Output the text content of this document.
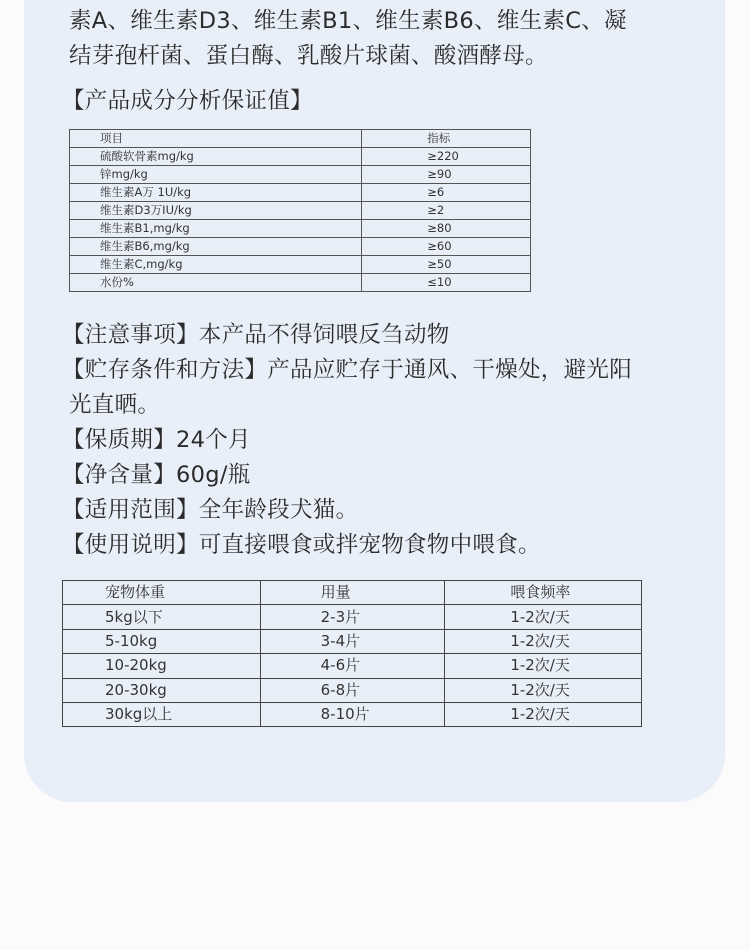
素A、维生素D3、维生素B1、维生素B6、维生素C、凝

结芽孢杆菌、蛋白酶、乳酸片球菌、酸酒酵母。

【产品成分分析保证值】

项目	指标
硫酸软骨素mg/kg	≥220
锌mg/kg	≥90
维生素A万 1U/kg	≥6
维生素D3万IU/kg	≥2
维生素B1,mg/kg	≥80
维生素B6,mg/kg	≥60
维生素C,mg/kg	≥50
水份%	≤10

【注意事项】本产品不得饲喂反刍动物

【贮存条件和方法】产品应贮存于通风、干燥处，避光阳

光直晒。

【保质期】24个月

【净含量】60g/瓶

【适用范围】全年龄段犬猫。

【使用说明】可直接喂食或拌宠物食物中喂食。

宠物体重	用量	喂食频率
5kg以下	2-3片	1-2次/天
5-10kg	3-4片	1-2次/天
10-20kg	4-6片	1-2次/天
20-30kg	6-8片	1-2次/天
30kg以上	8-10片	1-2次/天
